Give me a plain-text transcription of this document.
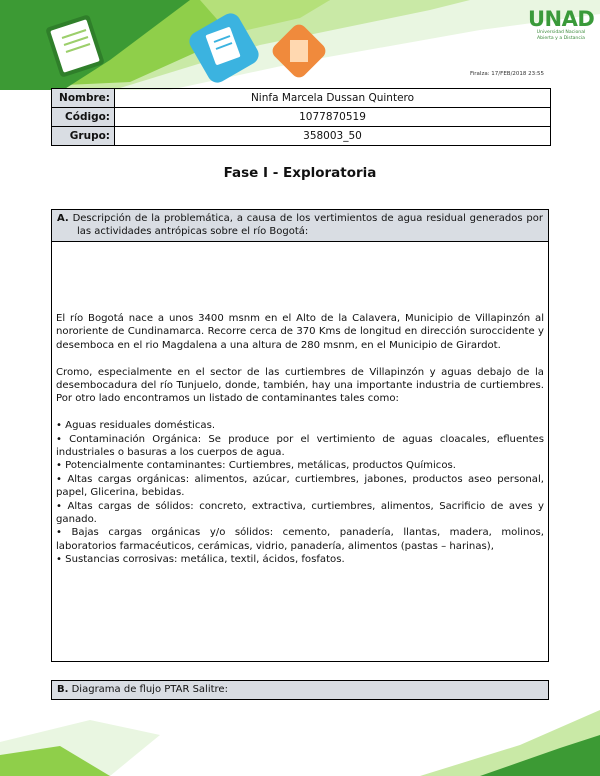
UNAD
Universidad Nacional
Abierta y a Distancia
Firalza: 17/FEB/2018 23:55
Nombre:	Ninfa Marcela Dussan Quintero
Código:	1077870519
Grupo:	358003_50
Fase I - Exploratoria
A. Descripción de la problemática, a causa de los vertimientos de agua residual generados por las actividades antrópicas sobre el río Bogotá:

El río Bogotá nace a unos 3400 msnm en el Alto de la Calavera, Municipio de Villapinzón al nororiente de Cundinamarca. Recorre cerca de 370 Kms de longitud en dirección suroccidente y desemboca en el rio Magdalena a una altura de 280 msnm, en el Municipio de Girardot.

Cromo, especialmente en el sector de las curtiembres de Villapinzón y aguas debajo de la desembocadura del río Tunjuelo, donde, también, hay una importante industria de curtiembres. Por otro lado encontramos un listado de contaminantes tales como:

• Aguas residuales domésticas.
• Contaminación Orgánica: Se produce por el vertimiento de aguas cloacales, efluentes industriales o basuras a los cuerpos de agua.
• Potencialmente contaminantes: Curtiembres, metálicas, productos Químicos.
• Altas cargas orgánicas: alimentos, azúcar, curtiembres, jabones, productos aseo personal, papel, Glicerina, bebidas.
• Altas cargas de sólidos: concreto, extractiva, curtiembres, alimentos, Sacrificio de aves y ganado.
• Bajas cargas orgánicas y/o sólidos: cemento, panadería, llantas, madera, molinos, laboratorios farmacéuticos, cerámicas, vidrio, panadería, alimentos (pastas – harinas),
• Sustancias corrosivas: metálica, textil, ácidos, fosfatos.
B. Diagrama de flujo PTAR Salitre:
